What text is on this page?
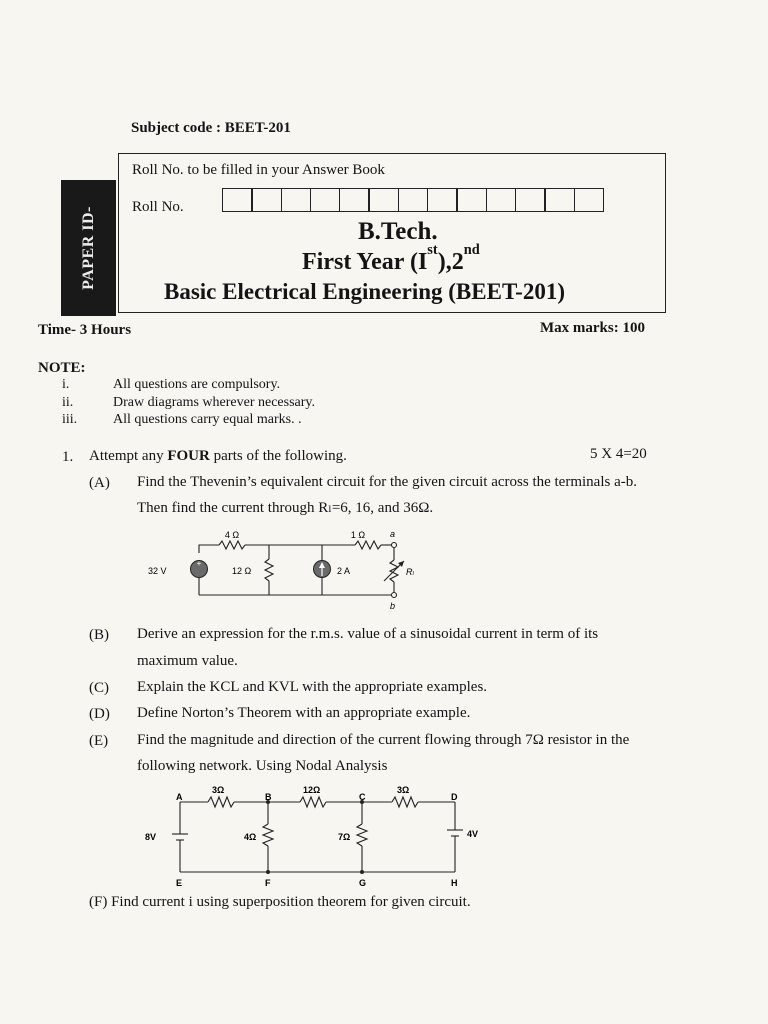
Subject code : BEET-201
PAPER ID-
Roll No. to be filled in your Answer Book
Roll No.
B.Tech.
First Year (Ist),2nd
Basic Electrical Engineering (BEET-201)
Time- 3 Hours	Max marks: 100
NOTE:
i.	All questions are compulsory.
ii.	Draw diagrams wherever necessary.
iii.	All questions carry equal marks. .
1. Attempt any FOUR parts of the following.	5 X 4=20
(A) Find the Thevenin’s equivalent circuit for the given circuit across the terminals a-b.
Then find the current through Rₗ=6, 16, and 36Ω.
+
4 Ω	1 Ω
12 Ω
32 V	2 A
a
b
Rₗ
(B) Derive an expression for the r.m.s. value of a sinusoidal current in term of its
maximum value.
(C) Explain the KCL and KVL with the appropriate examples.
(D) Define Norton’s Theorem with an appropriate example.
(E) Find the magnitude and direction of the current flowing through 7Ω resistor in the
following network. Using Nodal Analysis
A	B	C	D
E	F	G	H
3Ω	12Ω	3Ω
4Ω	7Ω
8V	4V
(F) Find current i using superposition theorem for given circuit.
